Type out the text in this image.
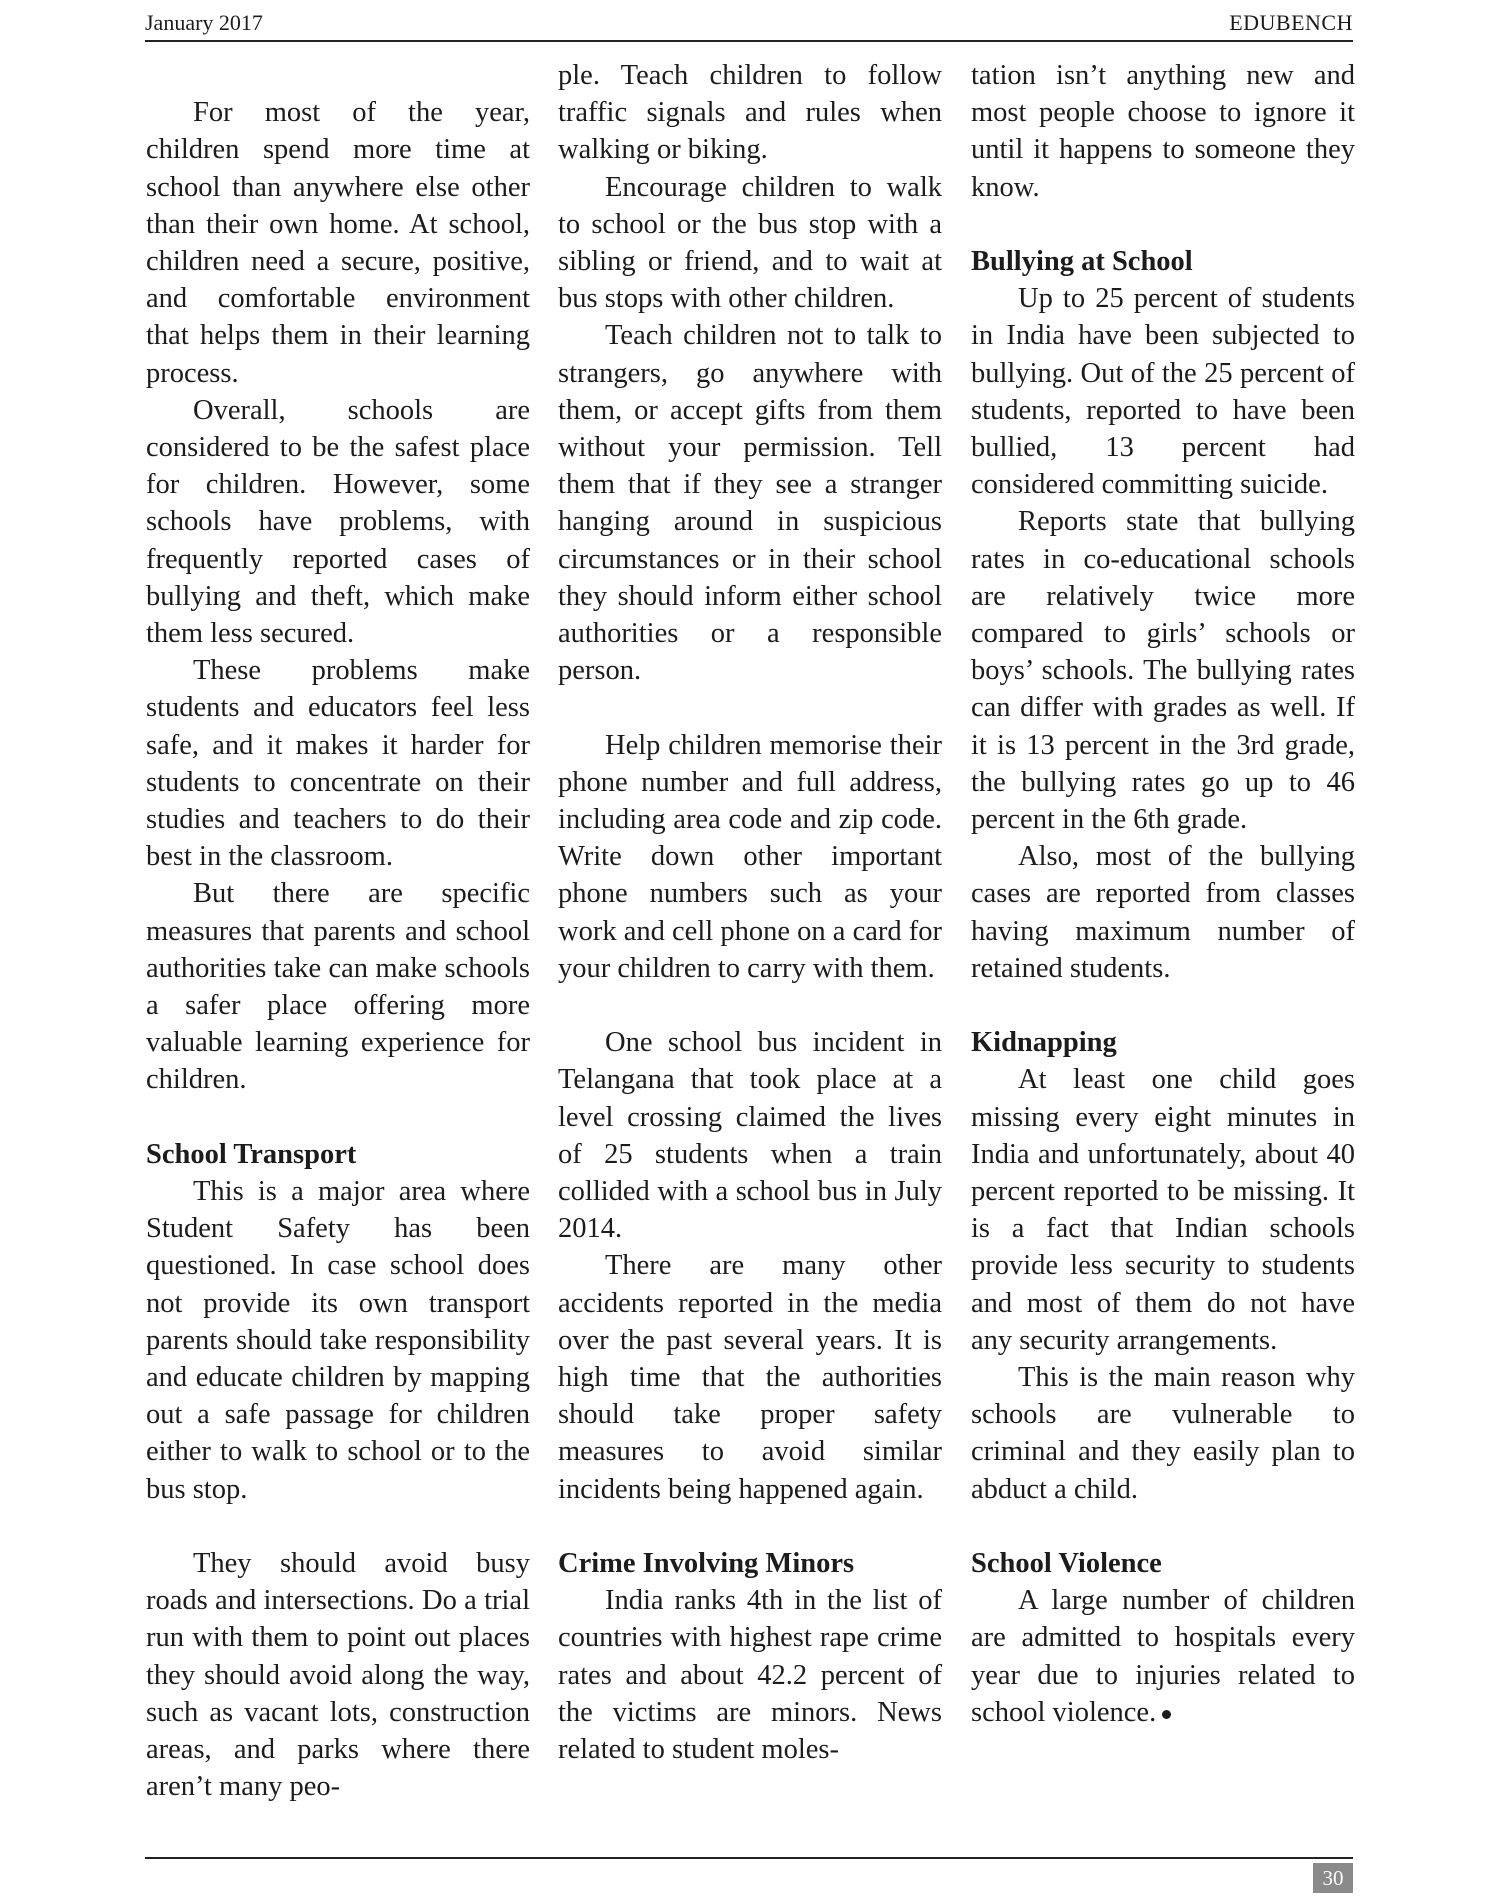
January 2017	EDUBENCH

For most of the year, children spend more time at school than anywhere else other than their own home. At school, children need a secure, positive, and comfortable environment that helps them in their learning process.

Overall, schools are considered to be the safest place for children. However, some schools have problems, with frequently reported cases of bullying and theft, which make them less secured.

These problems make students and educators feel less safe, and it makes it harder for students to concentrate on their studies and teachers to do their best in the classroom.

But there are specific measures that parents and school authorities take can make schools a safer place offering more valuable learning experience for children.

School Transport

This is a major area where Student Safety has been questioned. In case school does not provide its own transport parents should take responsibility and educate children by mapping out a safe passage for children either to walk to school or to the bus stop.

They should avoid busy roads and intersections. Do a trial run with them to point out places they should avoid along the way, such as vacant lots, construction areas, and parks where there aren’t many peo-

ple. Teach children to follow traffic signals and rules when walking or biking.

Encourage children to walk to school or the bus stop with a sibling or friend, and to wait at bus stops with other children.

Teach children not to talk to strangers, go anywhere with them, or accept gifts from them without your permission. Tell them that if they see a stranger hanging around in suspicious circumstances or in their school they should inform either school authorities or a responsible person.

Help children memorise their phone number and full address, including area code and zip code. Write down other important phone numbers such as your work and cell phone on a card for your children to carry with them.

One school bus incident in Telangana that took place at a level crossing claimed the lives of 25 students when a train collided with a school bus in July 2014.

There are many other accidents reported in the media over the past several years. It is high time that the authorities should take proper safety measures to avoid similar incidents being happened again.

Crime Involving Minors

India ranks 4th in the list of countries with highest rape crime rates and about 42.2 percent of the victims are minors. News related to student moles-

tation isn’t anything new and most people choose to ignore it until it happens to someone they know.

Bullying at School

Up to 25 percent of students in India have been subjected to bullying. Out of the 25 percent of students, reported to have been bullied, 13 percent had considered committing suicide.

Reports state that bullying rates in co-educational schools are relatively twice more compared to girls’ schools or boys’ schools. The bullying rates can differ with grades as well. If it is 13 percent in the 3rd grade, the bullying rates go up to 46 percent in the 6th grade.

Also, most of the bullying cases are reported from classes having maximum number of retained students.

Kidnapping

At least one child goes missing every eight minutes in India and unfortunately, about 40 percent reported to be missing. It is a fact that Indian schools provide less security to students and most of them do not have any security arrangements.

This is the main reason why schools are vulnerable to criminal and they easily plan to abduct a child.

School Violence

A large number of children are admitted to hospitals every year due to injuries related to school violence.

30
